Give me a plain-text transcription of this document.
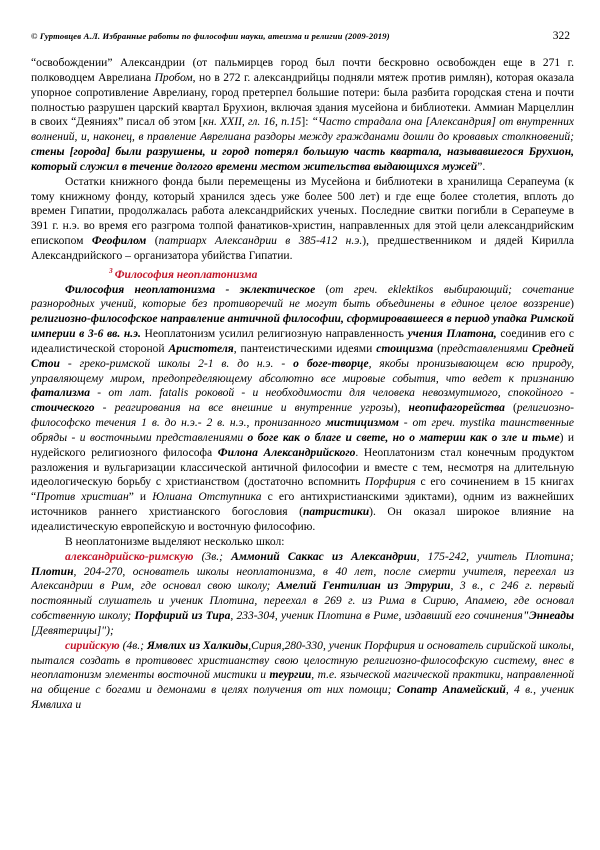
© Гуртовцев А.Л. Избранные работы по философии науки, атеизма и религии (2009-2019)	322

“освобождении” Александрии (от пальмирцев город был почти бескровно освобожден еще в 271 г. полководцем Аврелиана Пробом, но в 272 г. александрийцы подняли мятеж против римлян), которая оказала упорное сопротивление Аврелиану, город претерпел большие потери: была разбита городская стена и почти полностью разрушен царский квартал Брухион, включая здания мусейона и библиотеки. Аммиан Марцеллин в своих “Деяниях” писал об этом [кн. XXII, гл. 16, п.15]: “Часто страдала она [Александрия] от внутренних волнений, и, наконец, в правление Аврелиана раздоры между гражданами дошли до кровавых столкновений; стены [города] были разрушены, и город потерял большую часть квартала, называвшегося Брухион, который служил в течение долгого времени местом жительства выдающихся мужей”.

Остатки книжного фонда были перемещены из Мусейона и библиотеки в хранилища Серапеума (к тому книжному фонду, который хранился здесь уже более 500 лет) и где еще более столетия, вплоть до времен Гипатии, продолжалась работа александрийских ученых. Последние свитки погибли в Серапеуме в 391 г. н.э. во время его разгрома толпой фанатиков-христин, направленных для этой цели александрийским епископом Феофилом (патриарх Александрии в 385-412 н.э.), предшественником и дядей Кирилла Александрийского – организатора убийства Гипатии.

$^3$ Философия неоплатонизма

Философия неоплатонизма - эклектическое (от греч. eklektikos выбирающий; сочетание разнородных учений, которые без противоречий не могут быть объединены в единое целое воззрение) религиозно-философское направление античной философии, сформировавшееся в период упадка Римской империи в 3-6 вв. н.э. Неоплатонизм усилил религиозную направленность учения Платона, соединив его с идеалистической стороной Аристотеля, пантеистическими идеями стоицизма (представлениями Средней Стои - греко-римской школы 2-1 в. до н.э. - о боге-творце, якобы пронизывающем всю природу, управляющему миром, предопределяющему абсолютно все мировые события, что ведет к признанию фатализма - от лат. fatalis роковой - и необходимости для человека невозмутимого, спокойного - стоического - реагирования на все внешние и внутренние угрозы), неопифагорейства (религиозно-философско течения 1 в. до н.э.- 2 в. н.э., пронизанного мистицизмом - от греч. mystika таинственные обряды - и восточными представлениями о боге как о благе и свете, но о материи как о зле и тьме) и нудейского религиозного философа Филона Александрийского. Неоплатонизм стал конечным продуктом разложения и вульгаризации классической античной философии и вместе с тем, несмотря на длительную идеологическую борьбу с христианством (достаточно вспомнить Порфирия с его сочинением в 15 книгах “Против христиан” и Юлиана Отступника с его антихристианскими эдиктами), одним из важнейших источников раннего христианского богословия (патристики). Он оказал широкое влияние на идеалистическую европейскую и восточную философию.

В неоплатонизме выделяют несколько школ:

александрийско-римскую (3в.; Аммоний Саккас из Александрии, 175-242, учитель Плотина; Плотин, 204-270, основатель школы неоплатонизма, в 40 лет, после смерти учителя, переехал из Александрии в Рим, где основал свою школу; Амелий Гентилиан из Этрурии, 3 в., с 246 г. первый постоянный слушатель и ученик Плотина, переехал в 269 г. из Рима в Сирию, Апамею, где основал собственную школу; Порфирий из Тира, 233-304, ученик Плотина в Риме, издавший его сочинения"Эннеады [Девятерицы]");

сирийскую (4в.; Ямвлих из Халкиды,Сирия,280-330, ученик Порфирия и основатель сирийской школы, пытался создать в противовес христианству свою целостную религиозно-философскую систему, внес в неоплатонизм элементы восточной мистики и теургии, т.е. языческой магической практики, направленной на общение с богами и демонами в целях получения от них помощи; Сопатр Апамейский, 4 в., ученик Ямвлиха и
